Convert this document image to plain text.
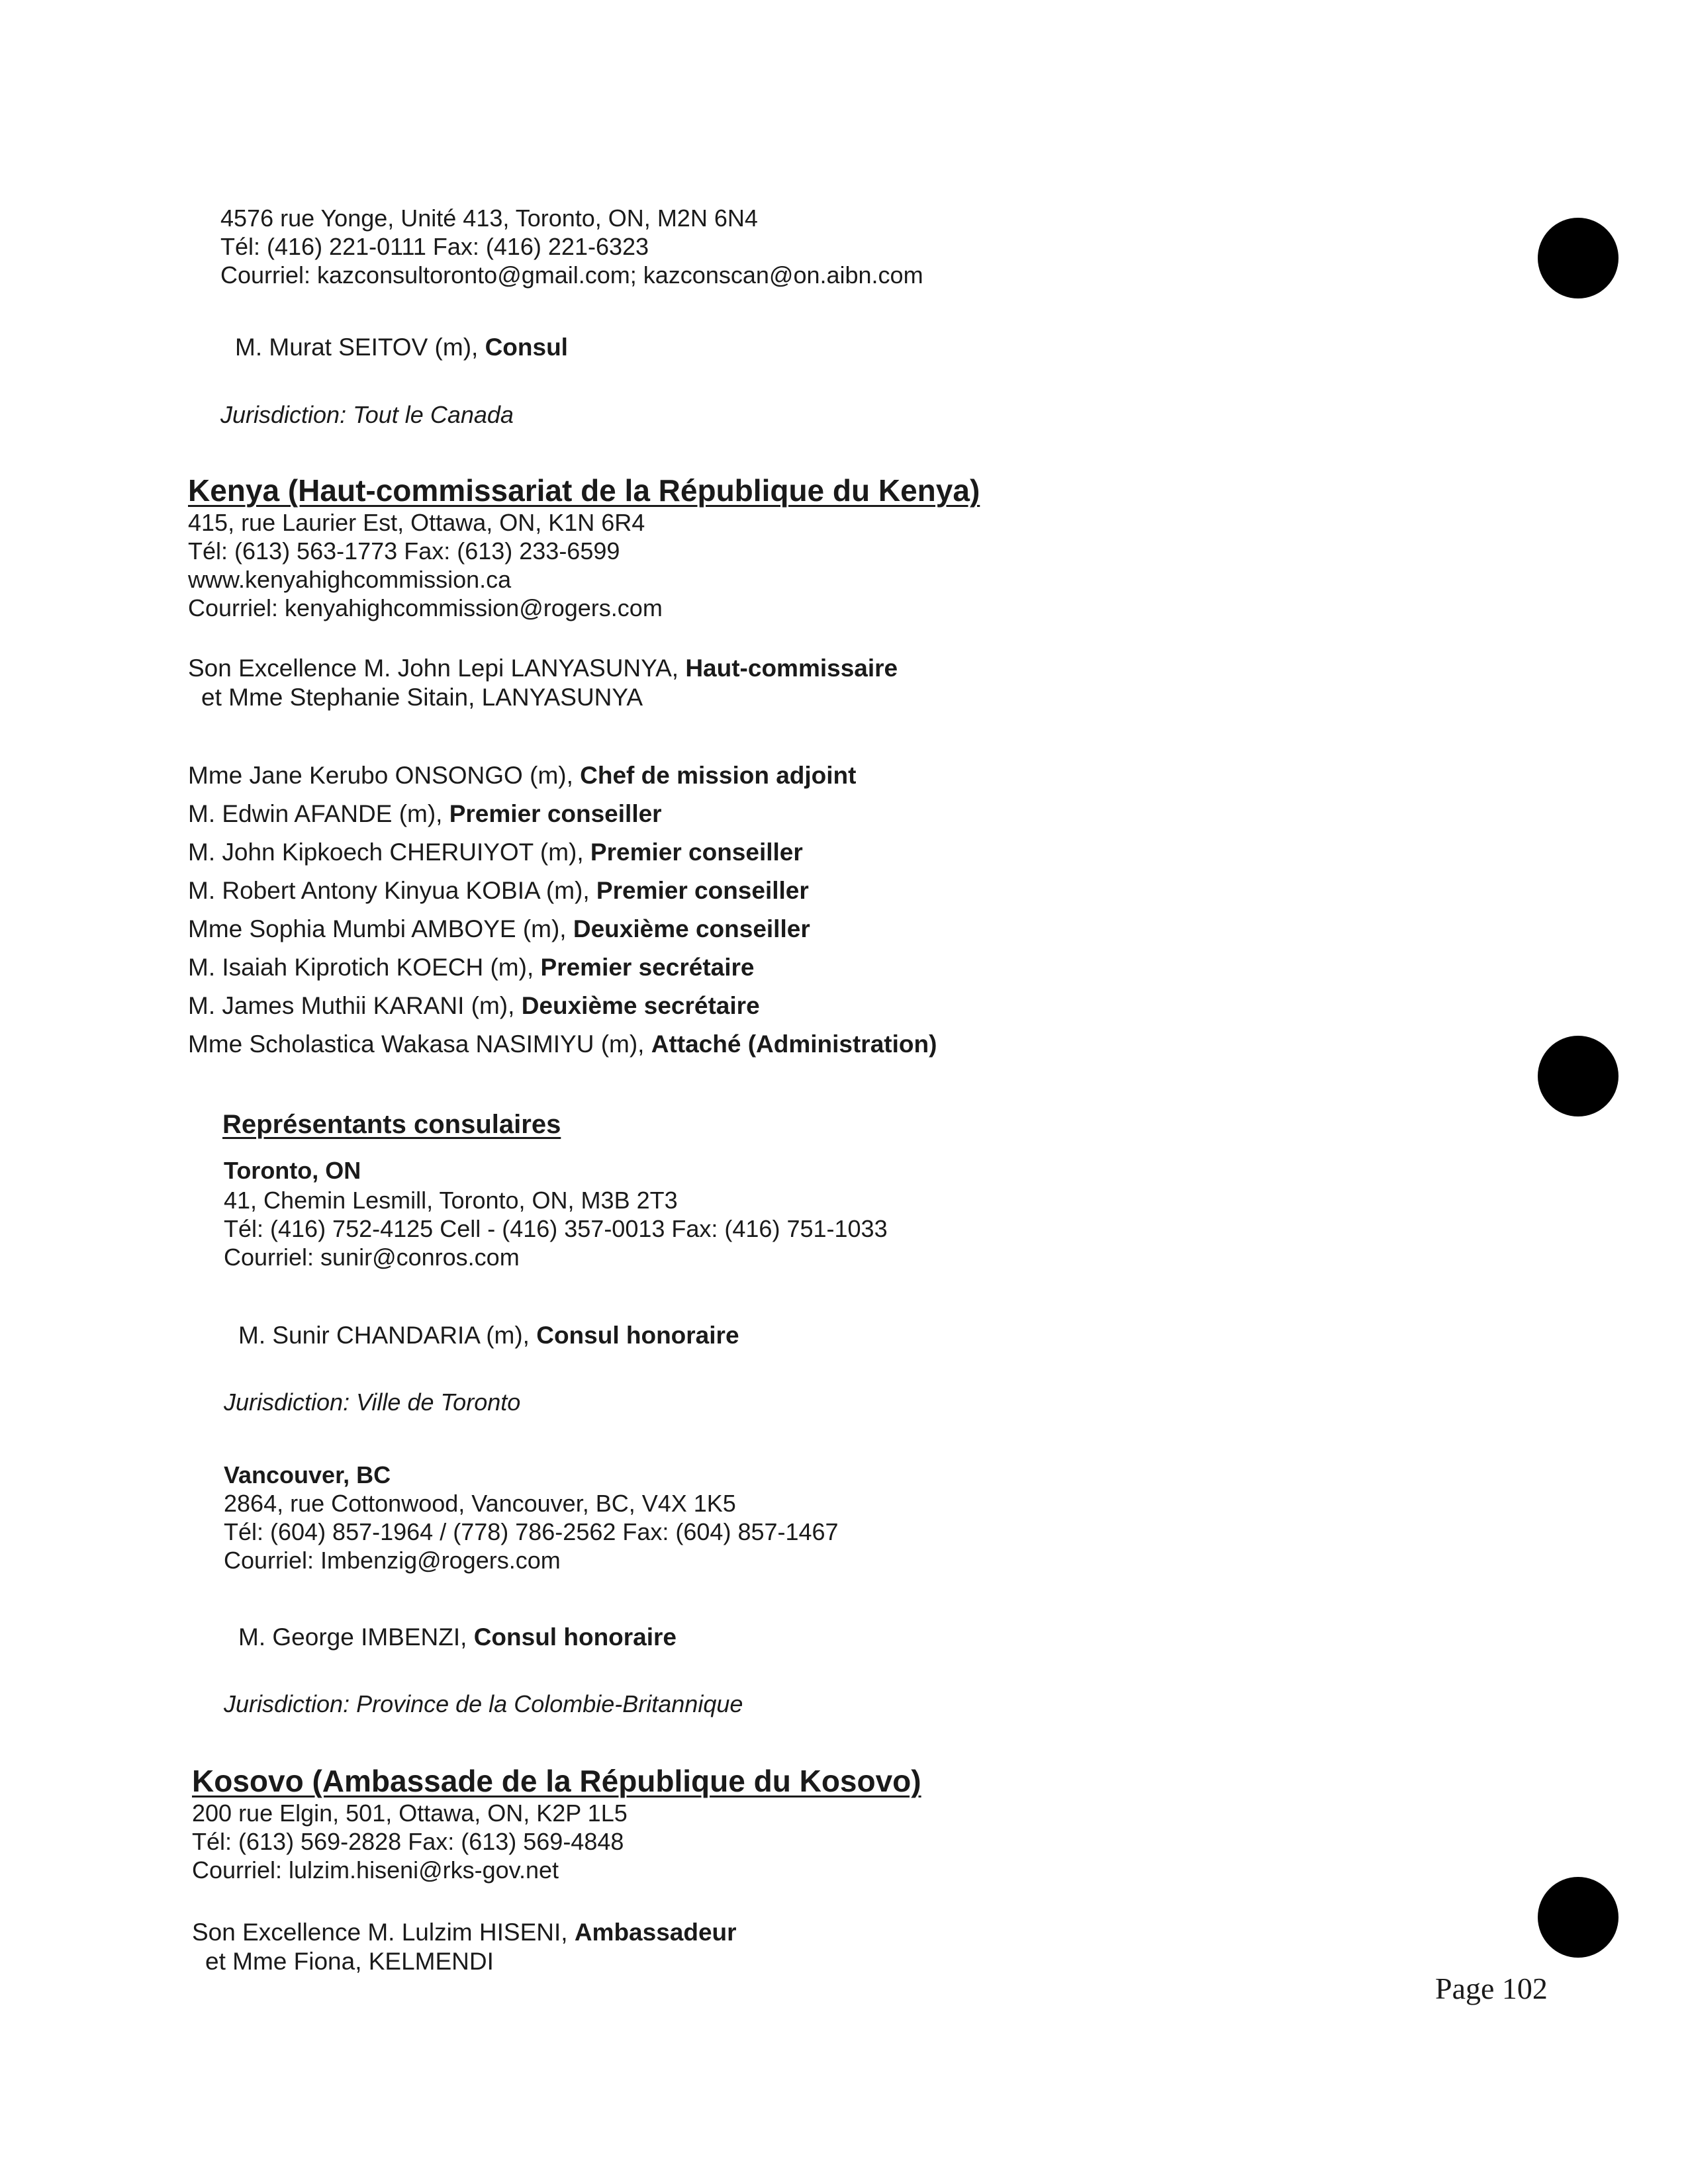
4576 rue Yonge, Unité 413, Toronto, ON, M2N 6N4
Tél: (416) 221-0111 Fax: (416) 221-6323
Courriel: kazconsultoronto@gmail.com; kazconscan@on.aibn.com
M. Murat SEITOV (m), Consul
Jurisdiction: Tout le Canada
Kenya (Haut-commissariat de la République du Kenya)
415, rue Laurier Est, Ottawa, ON, K1N 6R4
Tél: (613) 563-1773 Fax: (613) 233-6599
www.kenyahighcommission.ca
Courriel: kenyahighcommission@rogers.com
Son Excellence M. John Lepi LANYASUNYA, Haut-commissaire
et Mme Stephanie Sitain, LANYASUNYA
Mme Jane Kerubo ONSONGO (m), Chef de mission adjoint
M. Edwin AFANDE (m), Premier conseiller
M. John Kipkoech CHERUIYOT (m), Premier conseiller
M. Robert Antony Kinyua KOBIA (m), Premier conseiller
Mme Sophia Mumbi AMBOYE (m), Deuxième conseiller
M. Isaiah Kiprotich KOECH (m), Premier secrétaire
M. James Muthii KARANI (m), Deuxième secrétaire
Mme Scholastica Wakasa NASIMIYU (m), Attaché (Administration)
Représentants consulaires
Toronto, ON
41, Chemin Lesmill, Toronto, ON, M3B 2T3
Tél: (416) 752-4125 Cell - (416) 357-0013 Fax: (416) 751-1033
Courriel: sunir@conros.com
M. Sunir CHANDARIA (m), Consul honoraire
Jurisdiction: Ville de Toronto
Vancouver, BC
2864, rue Cottonwood, Vancouver, BC, V4X 1K5
Tél: (604) 857-1964 / (778) 786-2562 Fax: (604) 857-1467
Courriel: Imbenzig@rogers.com
M. George IMBENZI, Consul honoraire
Jurisdiction: Province de la Colombie-Britannique
Kosovo (Ambassade de la République du Kosovo)
200 rue Elgin, 501, Ottawa, ON, K2P 1L5
Tél: (613) 569-2828 Fax: (613) 569-4848
Courriel: lulzim.hiseni@rks-gov.net
Son Excellence M. Lulzim HISENI, Ambassadeur
et Mme Fiona, KELMENDI
Page 102
